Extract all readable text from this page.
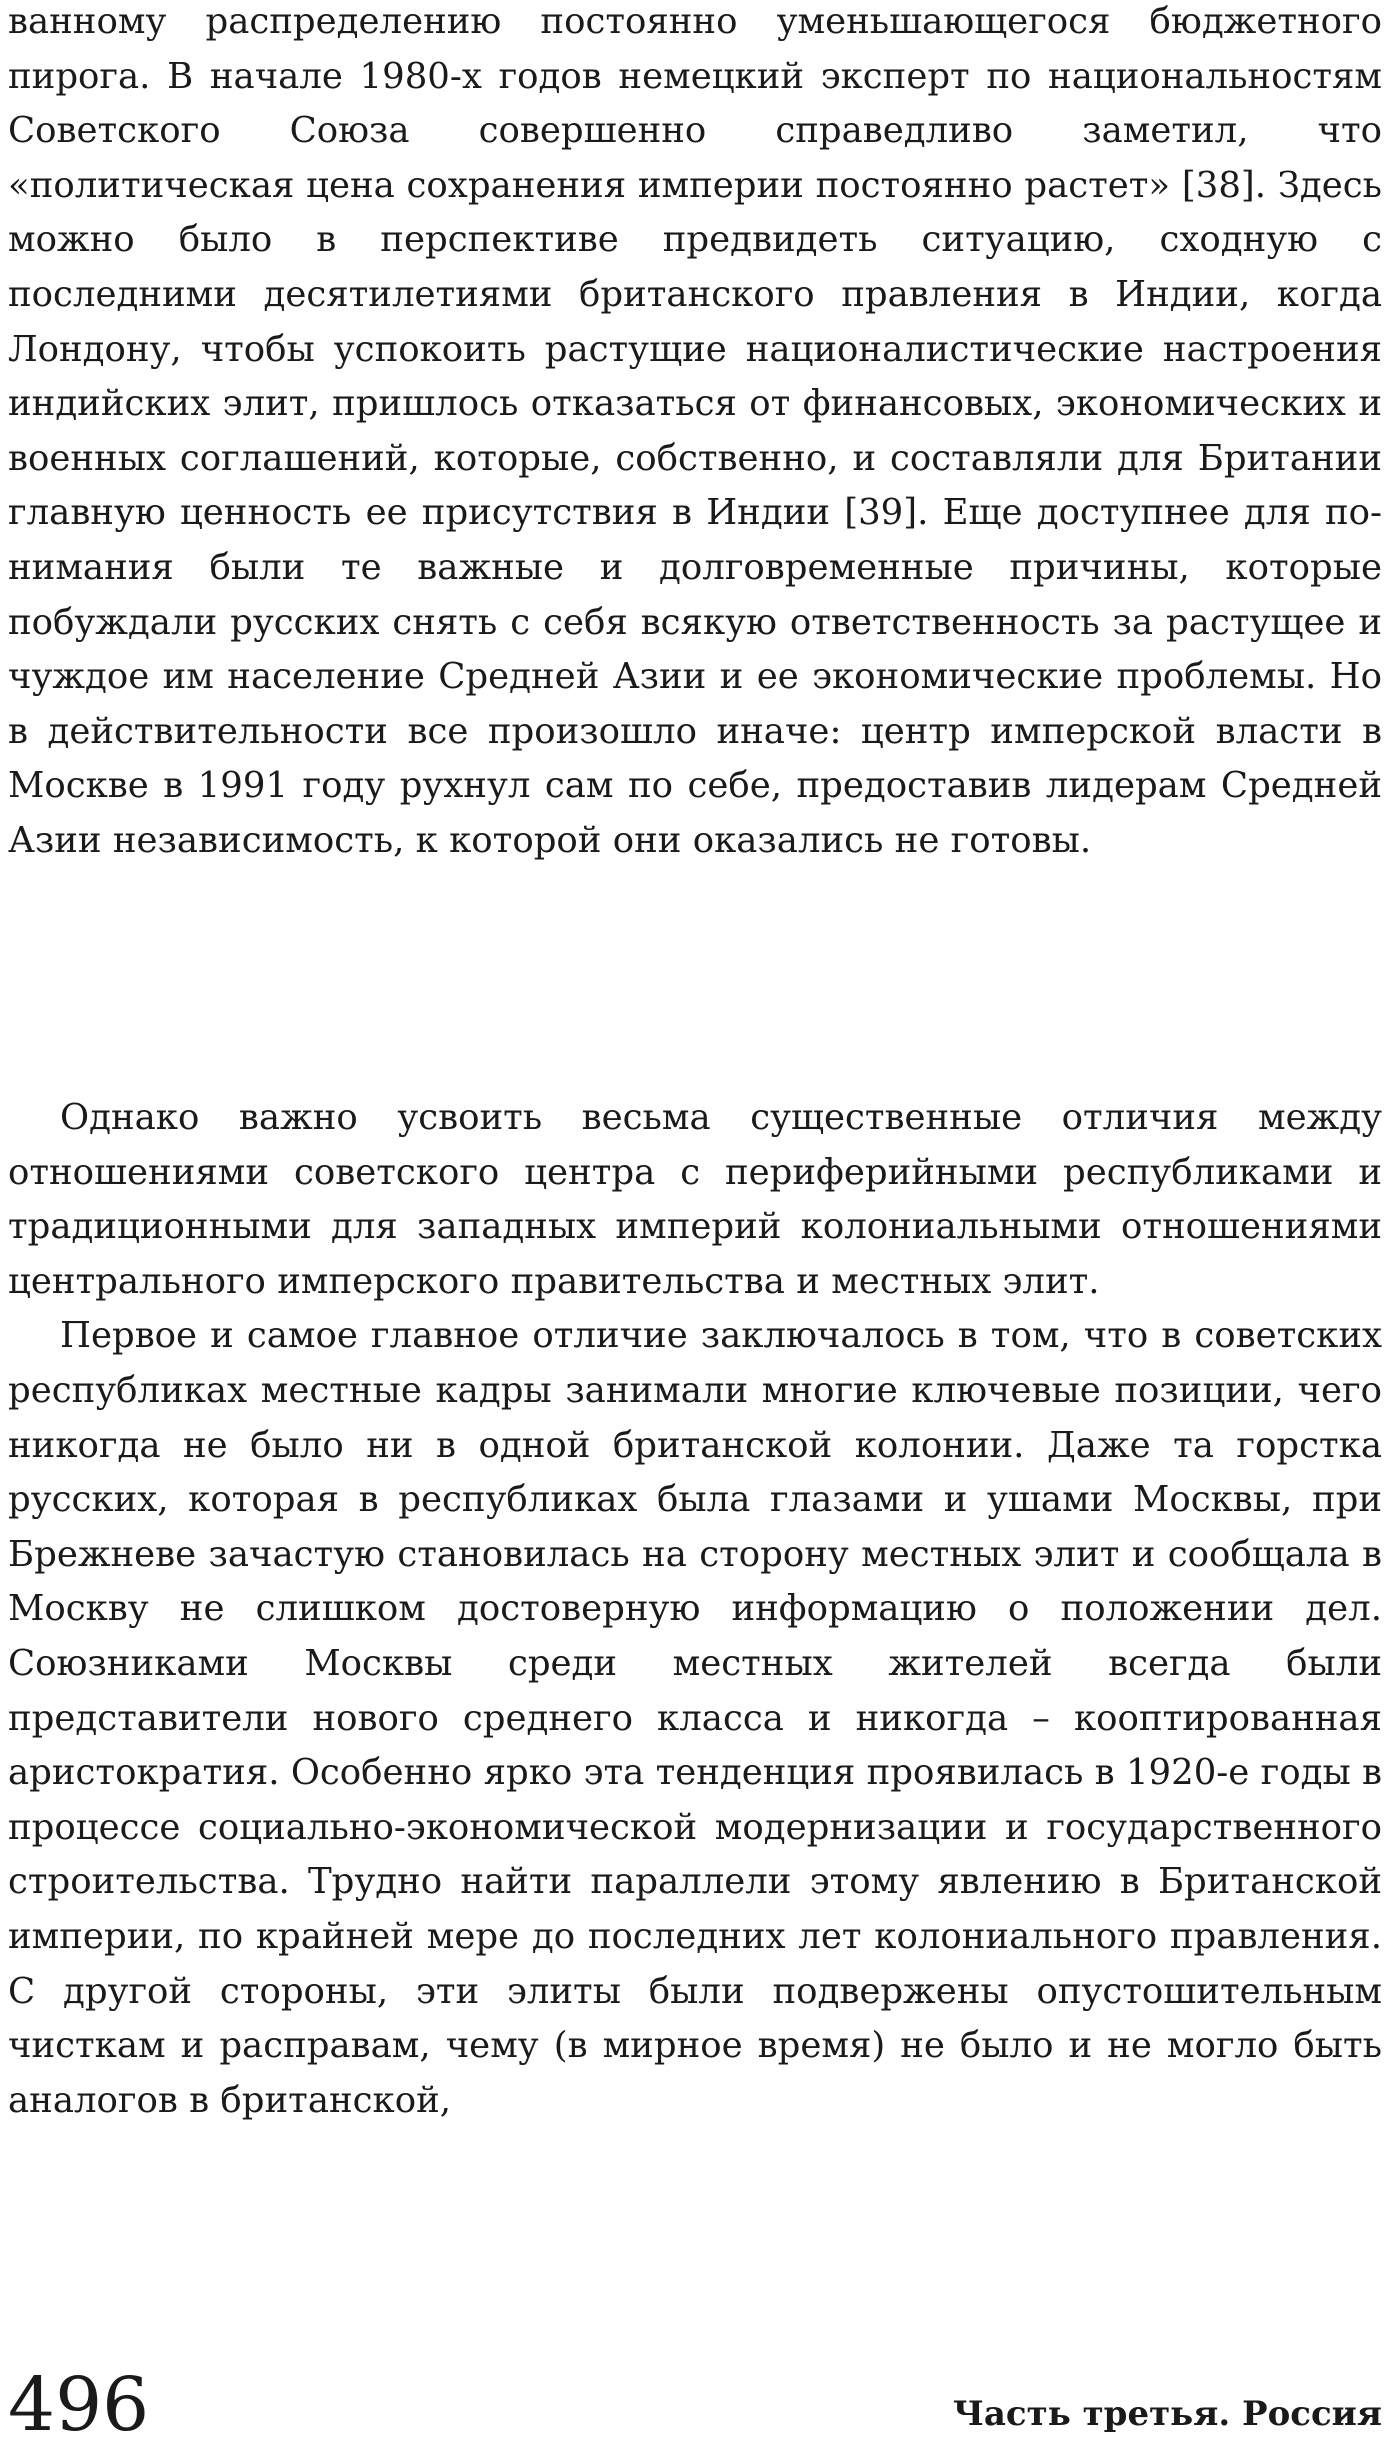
ванному распределению постоянно уменьшающегося бюджетного пирога. В начале 1980-х годов немецкий эксперт по национальностям Советского Союза совершенно справедливо заметил, что «политическая цена сохранения империи постоянно растет» [38]. Здесь можно было в перспективе предвидеть ситуацию, сходную с последними десятилетиями британского правления в Индии, когда Лондону, чтобы успокоить растущие националистические настроения индийских элит, пришлось отказаться от финансовых, экономических и военных соглашений, которые, собственно, и составляли для Британии главную ценность ее присутствия в Индии [39]. Еще доступнее для понимания были те важные и долговременные причины, которые побуждали русских снять с себя всякую ответственность за растущее и чуждое им население Средней Азии и ее экономические проблемы. Но в действительности все произошло иначе: центр имперской власти в Москве в 1991 году рухнул сам по себе, предоставив лидерам Средней Азии независимость, к которой они оказались не готовы.

Однако важно усвоить весьма существенные отличия между отношениями советского центра с периферийными республиками и традиционными для западных империй колониальными отношениями центрального имперского правительства и местных элит.

Первое и самое главное отличие заключалось в том, что в советских республиках местные кадры занимали многие ключевые позиции, чего никогда не было ни в одной британской колонии. Даже та горстка русских, которая в республиках была глазами и ушами Москвы, при Брежневе зачастую становилась на сторону местных элит и сообщала в Москву не слишком достоверную информацию о положении дел. Союзниками Москвы среди местных жителей всегда были представители нового среднего класса и никогда – кооптированная аристократия. Особенно ярко эта тенденция проявилась в 1920-е годы в процессе социально-экономической модернизации и государственного строительства. Трудно найти параллели этому явлению в Британской империи, по крайней мере до последних лет колониального правления. С другой стороны, эти элиты были подвержены опустошительным чисткам и расправам, чему (в мирное время) не было и не могло быть аналогов в британской,

496	Часть третья. Россия
